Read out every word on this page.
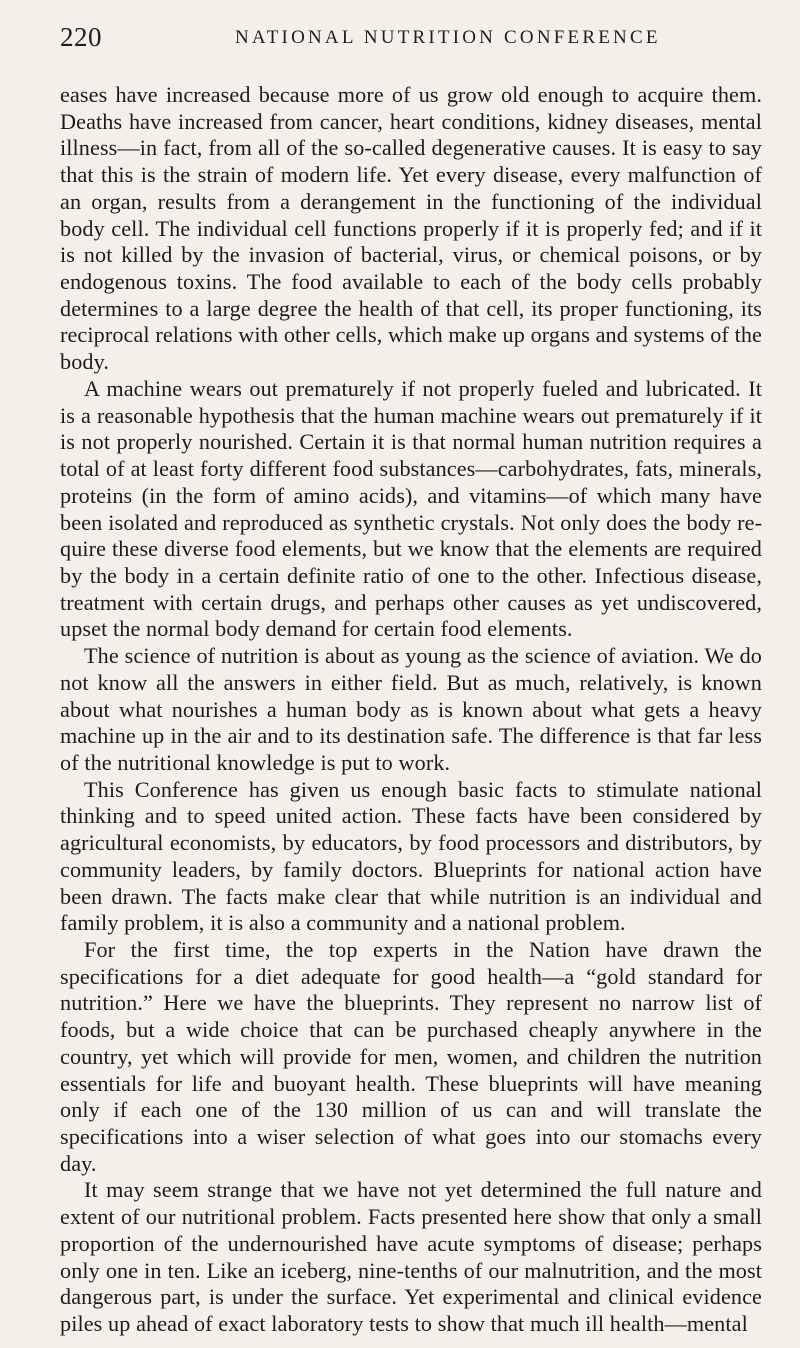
220	NATIONAL NUTRITION CONFERENCE

eases have increased because more of us grow old enough to acquire them. Deaths have increased from cancer, heart conditions, kidney diseases, mental illness—in fact, from all of the so-called degenerative causes. It is easy to say that this is the strain of modern life. Yet every disease, every malfunction of an organ, results from a derangement in the functioning of the individual body cell. The individual cell functions properly if it is properly fed; and if it is not killed by the invasion of bacterial, virus, or chemical poisons, or by endogenous toxins. The food available to each of the body cells probably determines to a large degree the health of that cell, its proper functioning, its reciprocal relations with other cells, which make up organs and systems of the body.

A machine wears out prematurely if not properly fueled and lubricated. It is a reasonable hypothesis that the human machine wears out prematurely if it is not properly nourished. Certain it is that normal human nutrition requires a total of at least forty different food substances—carbohydrates, fats, minerals, proteins (in the form of amino acids), and vitamins—of which many have been isolated and reproduced as synthetic crystals. Not only does the body require these diverse food elements, but we know that the elements are required by the body in a certain definite ratio of one to the other. Infectious disease, treatment with certain drugs, and perhaps other causes as yet undiscovered, upset the normal body demand for certain food elements.

The science of nutrition is about as young as the science of aviation. We do not know all the answers in either field. But as much, relatively, is known about what nourishes a human body as is known about what gets a heavy machine up in the air and to its destination safe. The difference is that far less of the nutritional knowledge is put to work.

This Conference has given us enough basic facts to stimulate national thinking and to speed united action. These facts have been considered by agricultural economists, by educators, by food processors and distributors, by community leaders, by family doctors. Blueprints for national action have been drawn. The facts make clear that while nutrition is an individual and family problem, it is also a community and a national problem.

For the first time, the top experts in the Nation have drawn the specifications for a diet adequate for good health—a “gold standard for nutrition.” Here we have the blueprints. They represent no narrow list of foods, but a wide choice that can be purchased cheaply anywhere in the country, yet which will provide for men, women, and children the nutrition essentials for life and buoyant health. These blueprints will have meaning only if each one of the 130 million of us can and will translate the specifications into a wiser selection of what goes into our stomachs every day.

It may seem strange that we have not yet determined the full nature and extent of our nutritional problem. Facts presented here show that only a small proportion of the undernourished have acute symptoms of disease; perhaps only one in ten. Like an iceberg, nine-tenths of our malnutrition, and the most dangerous part, is under the surface. Yet experimental and clinical evidence piles up ahead of exact laboratory tests to show that much ill health—mental
